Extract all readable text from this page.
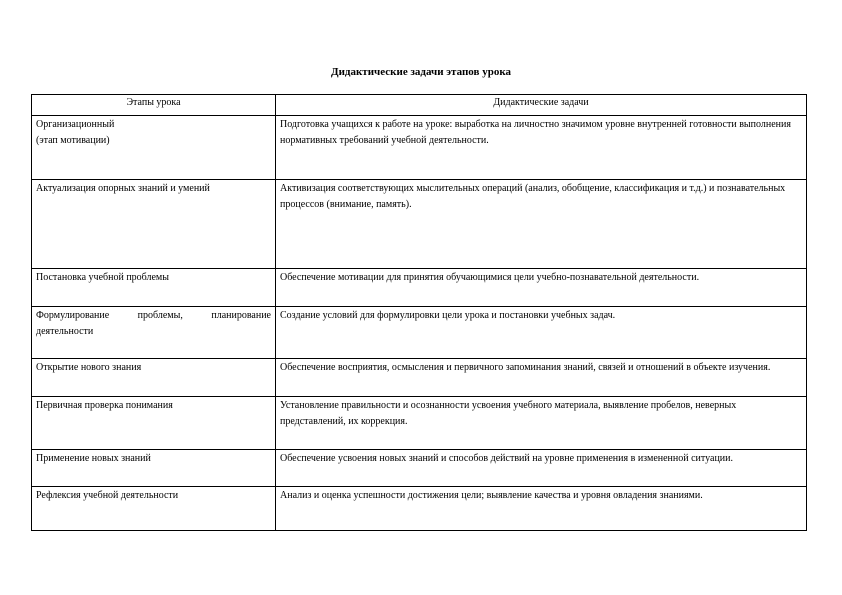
Дидактические задачи этапов урока
Этапы урока	Дидактические задачи
Организационный
(этап мотивации)	Подготовка учащихся к работе на уроке: выработка на личностно значимом уровне внутренней готовности выполнения нормативных требований учебной деятельности.
Актуализация опорных знаний и умений	Активизация соответствующих мыслительных операций (анализ, обобщение, классификация и т.д.) и познавательных процессов (внимание, память).
Постановка учебной проблемы	Обеспечение мотивации для принятия обучающимися цели учебно-познавательной деятельности.
Формулирование проблемы, планирование деятельности	Создание условий для формулировки цели урока и постановки учебных задач.
Открытие нового знания	Обеспечение восприятия, осмысления и первичного запоминания знаний, связей и отношений в объекте изучения.
Первичная проверка понимания	Установление правильности и осознанности усвоения учебного материала, выявление пробелов, неверных представлений, их коррекция.
Применение новых знаний	Обеспечение усвоения новых знаний и способов действий на уровне применения в измененной ситуации.
Рефлексия учебной деятельности	Анализ и оценка успешности достижения цели; выявление качества и уровня овладения знаниями.
